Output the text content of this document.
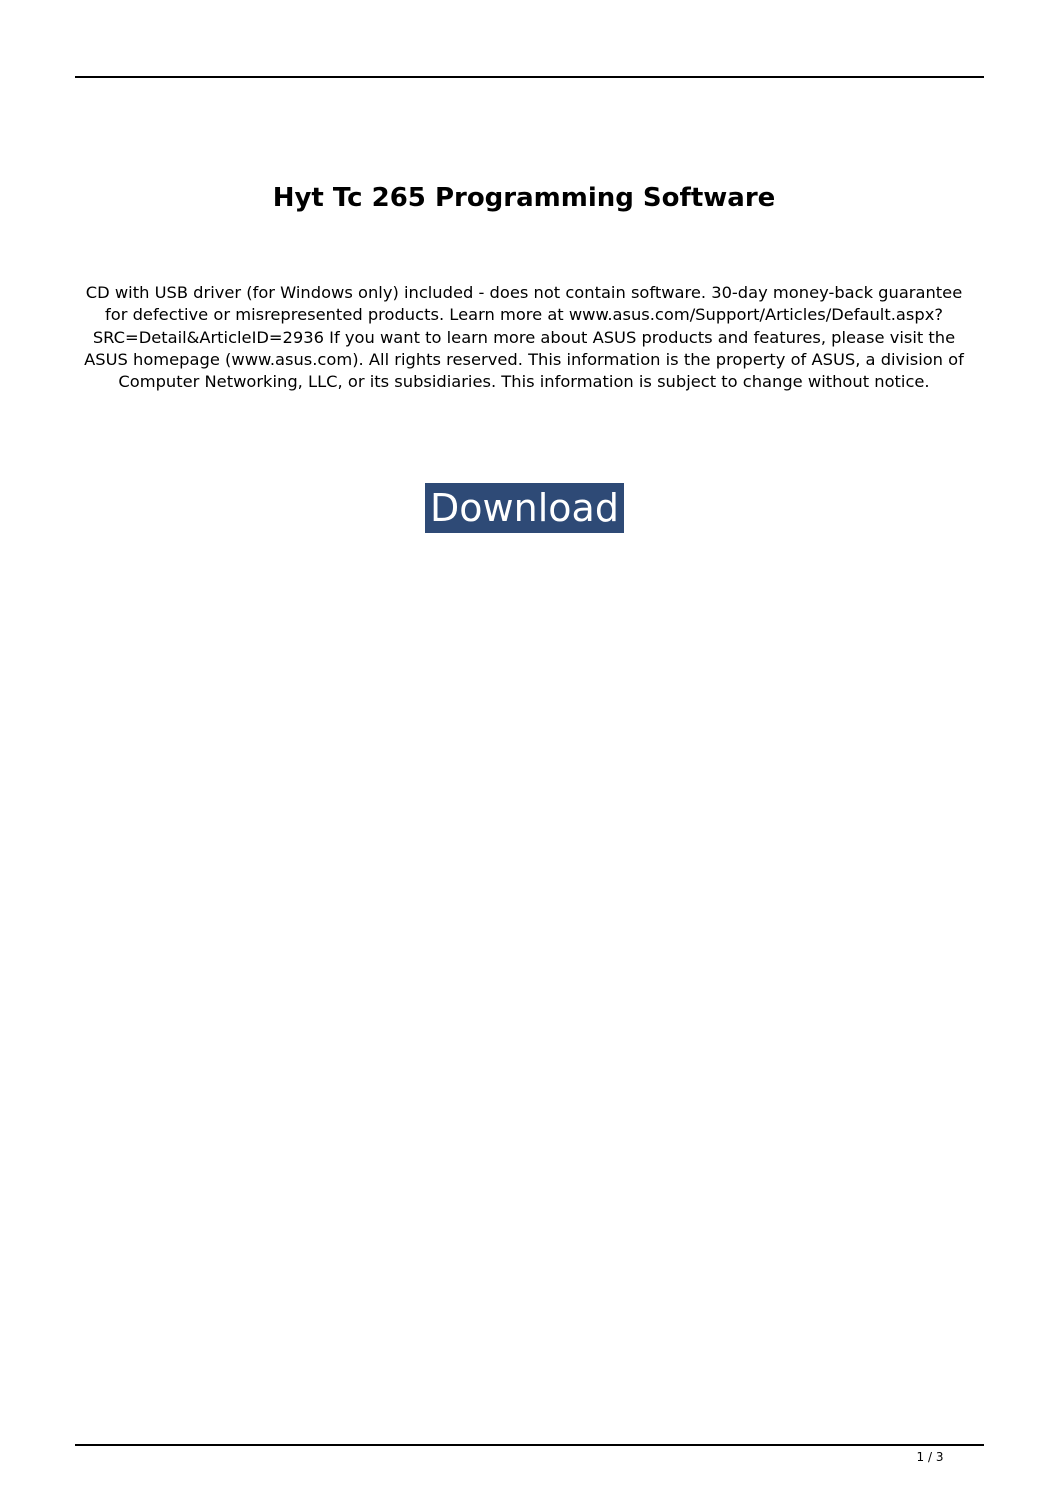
Hyt Tc 265 Programming Software

CD with USB driver (for Windows only) included - does not contain software. 30-day money-back guarantee for defective or misrepresented products. Learn more at www.asus.com/Support/Articles/Default.aspx?SRC=Detail&ArticleID=2936 If you want to learn more about ASUS products and features, please visit the ASUS homepage (www.asus.com). All rights reserved. This information is the property of ASUS, a division of Computer Networking, LLC, or its subsidiaries. This information is subject to change without notice.

Download
1 / 3
